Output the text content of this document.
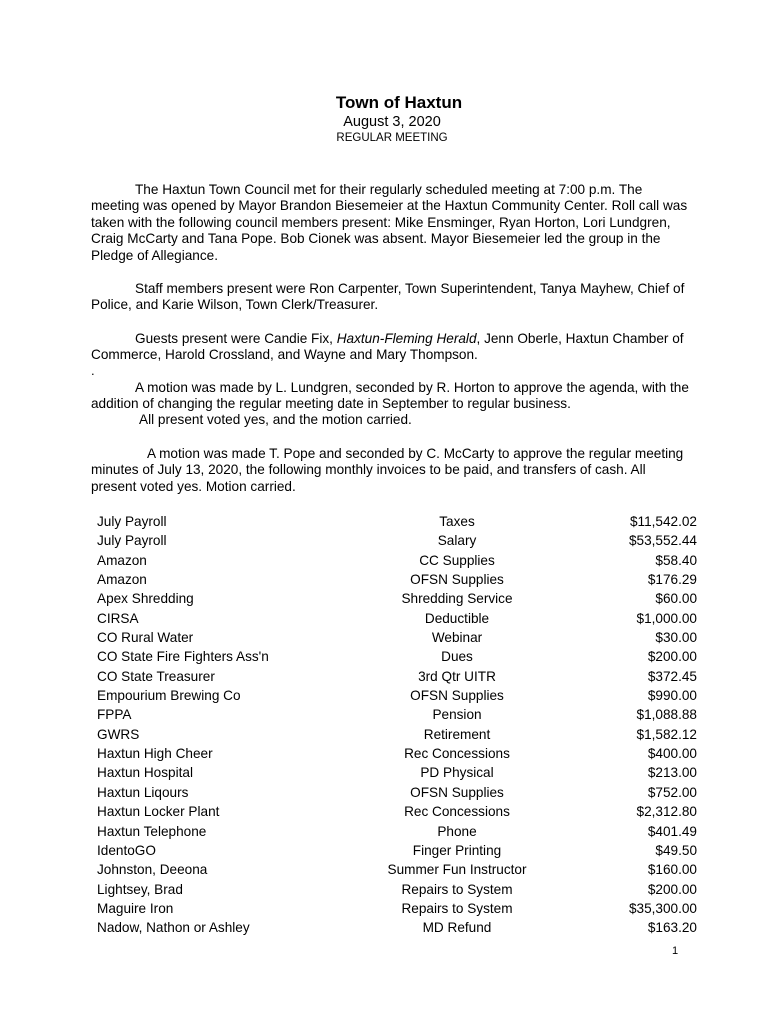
Town of Haxtun
August 3, 2020
REGULAR MEETING

The Haxtun Town Council met for their regularly scheduled meeting at 7:00 p.m. The meeting was opened by Mayor Brandon Biesemeier at the Haxtun Community Center. Roll call was taken with the following council members present: Mike Ensminger, Ryan Horton, Lori Lundgren, Craig McCarty and Tana Pope. Bob Cionek was absent. Mayor Biesemeier led the group in the Pledge of Allegiance.

Staff members present were Ron Carpenter, Town Superintendent, Tanya Mayhew, Chief of Police, and Karie Wilson, Town Clerk/Treasurer.

Guests present were Candie Fix, Haxtun-Fleming Herald, Jenn Oberle, Haxtun Chamber of Commerce, Harold Crossland, and Wayne and Mary Thompson.

.

A motion was made by L. Lundgren, seconded by R. Horton to approve the agenda, with the addition of changing the regular meeting date in September to regular business.

All present voted yes, and the motion carried.

A motion was made T. Pope and seconded by C. McCarty to approve the regular meeting minutes of July 13, 2020, the following monthly invoices to be paid, and transfers of cash. All present voted yes. Motion carried.

July Payroll	Taxes	$11,542.02
July Payroll	Salary	$53,552.44
Amazon	CC Supplies	$58.40
Amazon	OFSN Supplies	$176.29
Apex Shredding	Shredding Service	$60.00
CIRSA	Deductible	$1,000.00
CO Rural Water	Webinar	$30.00
CO State Fire Fighters Ass'n	Dues	$200.00
CO State Treasurer	3rd Qtr UITR	$372.45
Empourium Brewing Co	OFSN Supplies	$990.00
FPPA	Pension	$1,088.88
GWRS	Retirement	$1,582.12
Haxtun High Cheer	Rec Concessions	$400.00
Haxtun Hospital	PD Physical	$213.00
Haxtun Liqours	OFSN Supplies	$752.00
Haxtun Locker Plant	Rec Concessions	$2,312.80
Haxtun Telephone	Phone	$401.49
IdentoGO	Finger Printing	$49.50
Johnston, Deeona	Summer Fun Instructor	$160.00
Lightsey, Brad	Repairs to System	$200.00
Maguire Iron	Repairs to System	$35,300.00
Nadow, Nathon or Ashley	MD Refund	$163.20
1
